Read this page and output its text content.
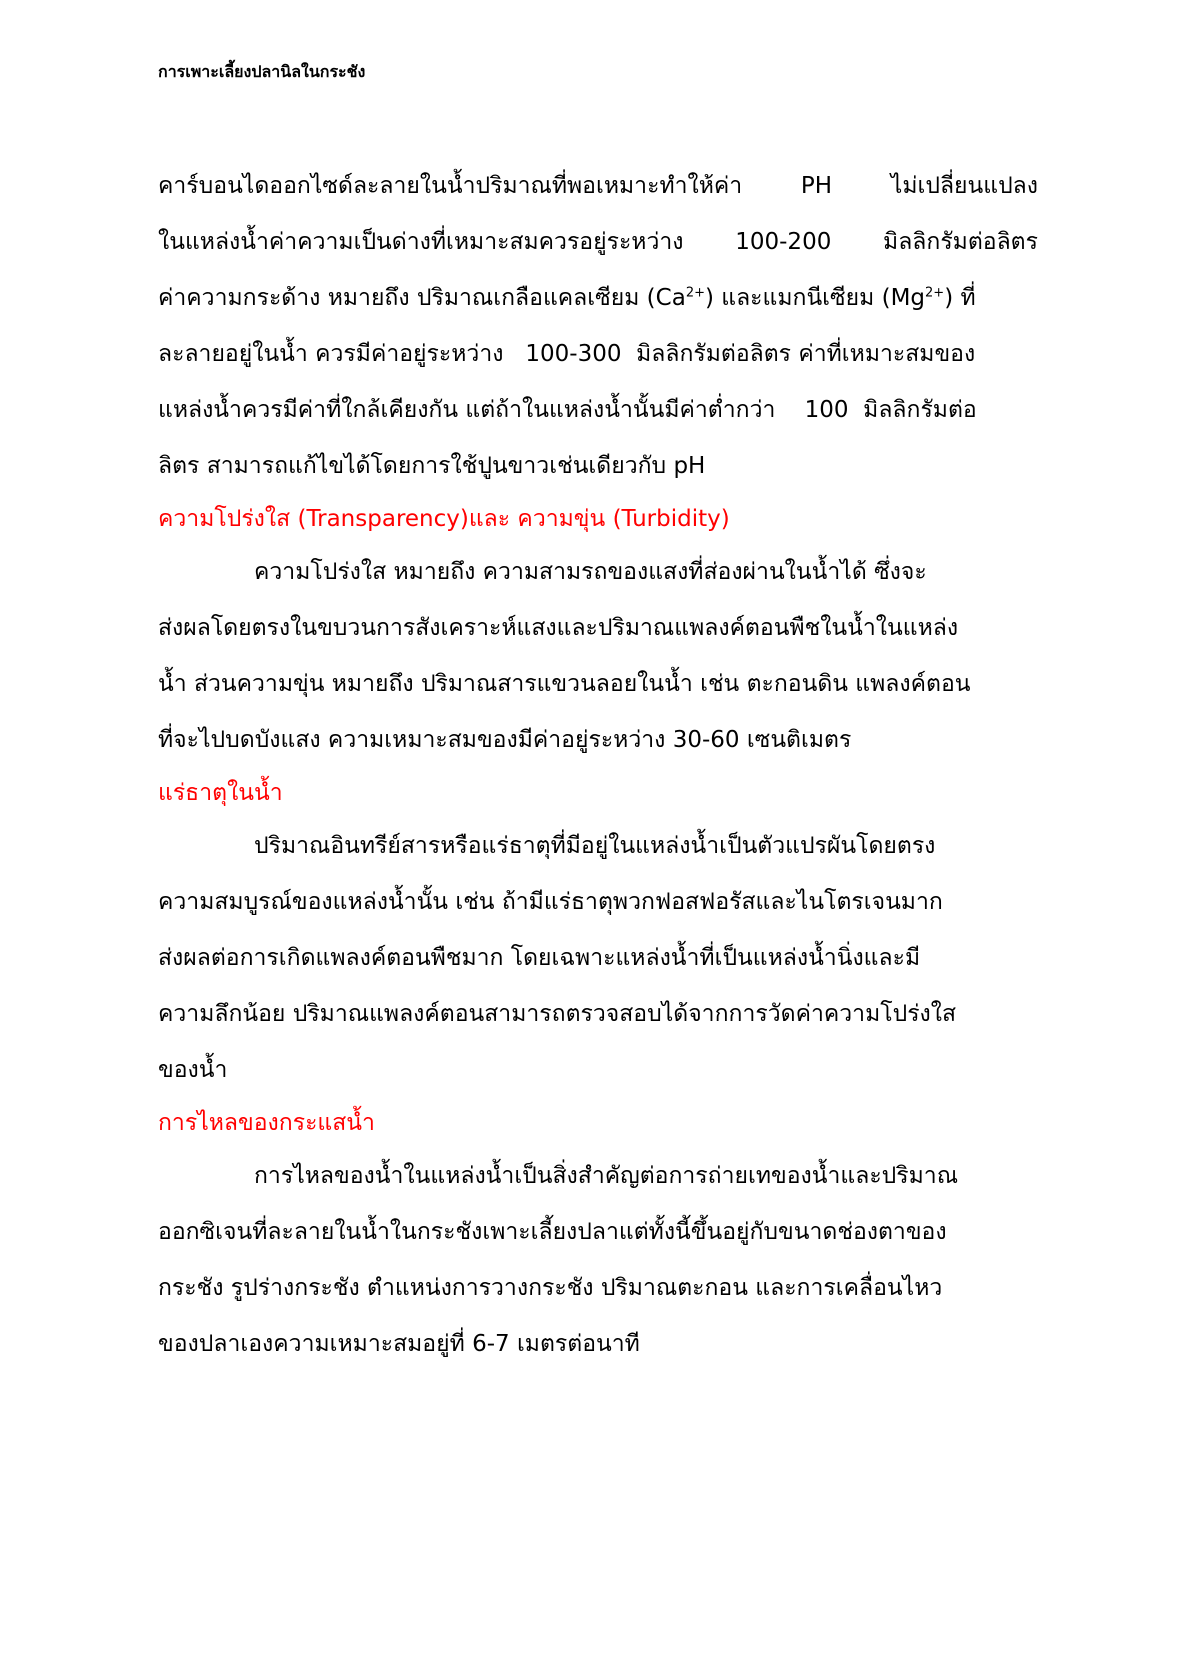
การเพาะเลี้ยงปลานิลในกระชัง
คาร์บอนไดออกไซด์ละลายในน้ำปริมาณที่พอเหมาะทำให้ค่า	PH	ไม่เปลี่ยนแปลง
ในแหล่งน้ำค่าความเป็นด่างที่เหมาะสมควรอยู่ระหว่าง 100-200 มิลลิกรัมต่อลิตร
ค่าความกระด้าง หมายถึง ปริมาณเกลือแคลเซียม $(Ca^{2+})$ และแมกนีเซียม $(Mg^{2+})$ ที่
ละลายอยู่ในน้ำ ควรมีค่าอยู่ระหว่าง   100-300  มิลลิกรัมต่อลิตร ค่าที่เหมาะสมของ
แหล่งน้ำควรมีค่าที่ใกล้เคียงกัน แต่ถ้าในแหล่งน้ำนั้นมีค่าต่ำกว่า    100  มิลลิกรัมต่อ
ลิตร สามารถแก้ไขได้โดยการใช้ปูนขาวเช่นเดียวกับ pH
ความโปร่งใส (Transparency)และ ความขุ่น (Turbidity)
ความโปร่งใส หมายถึง ความสามรถของแสงที่ส่องผ่านในน้ำได้ ซึ่งจะ
ส่งผลโดยตรงในขบวนการสังเคราะห์แสงและปริมาณแพลงค์ตอนพืชในน้ำในแหล่ง
น้ำ ส่วนความขุ่น หมายถึง ปริมาณสารแขวนลอยในน้ำ เช่น ตะกอนดิน แพลงค์ตอน
ที่จะไปบดบังแสง ความเหมาะสมของมีค่าอยู่ระหว่าง 30-60 เซนติเมตร
แร่ธาตุในน้ำ
ปริมาณอินทรีย์สารหรือแร่ธาตุที่มีอยู่ในแหล่งน้ำเป็นตัวแปรผันโดยตรง
ความสมบูรณ์ของแหล่งน้ำนั้น เช่น ถ้ามีแร่ธาตุพวกฟอสฟอรัสและไนโตรเจนมาก
ส่งผลต่อการเกิดแพลงค์ตอนพืชมาก โดยเฉพาะแหล่งน้ำที่เป็นแหล่งน้ำนิ่งและมี
ความลึกน้อย ปริมาณแพลงค์ตอนสามารถตรวจสอบได้จากการวัดค่าความโปร่งใส
ของน้ำ
การไหลของกระแสน้ำ
การไหลของน้ำในแหล่งน้ำเป็นสิ่งสำคัญต่อการถ่ายเทของน้ำและปริมาณ
ออกซิเจนที่ละลายในน้ำในกระชังเพาะเลี้ยงปลาแต่ทั้งนี้ขึ้นอยู่กับขนาดช่องตาของ
กระชัง รูปร่างกระชัง ตำแหน่งการวางกระชัง ปริมาณตะกอน และการเคลื่อนไหว
ของปลาเองความเหมาะสมอยู่ที่ 6-7 เมตรต่อนาที
